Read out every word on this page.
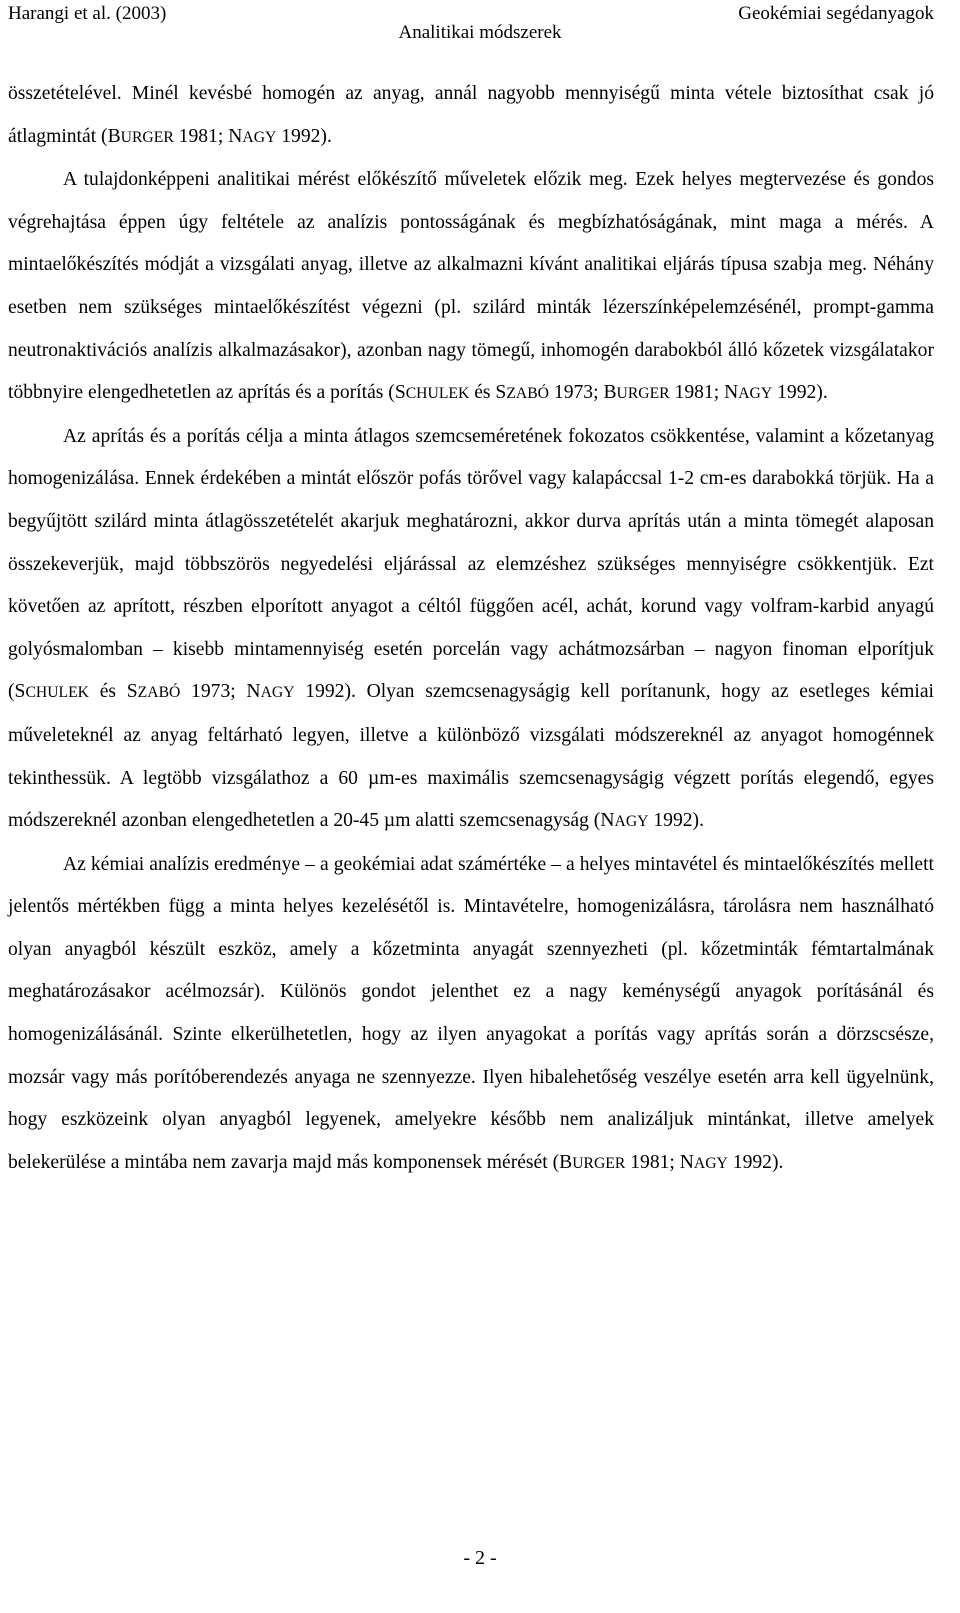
Harangi et al. (2003)	Geokémiai segédanyagok
Analitikai módszerek

összetételével. Minél kevésbé homogén az anyag, annál nagyobb mennyiségű minta vétele biztosíthat csak jó átlagmintát (BURGER 1981; NAGY 1992).

A tulajdonképpeni analitikai mérést előkészítő műveletek előzik meg. Ezek helyes megtervezése és gondos végrehajtása éppen úgy feltétele az analízis pontosságának és megbízhatóságának, mint maga a mérés. A mintaelőkészítés módját a vizsgálati anyag, illetve az alkalmazni kívánt analitikai eljárás típusa szabja meg. Néhány esetben nem szükséges mintaelőkészítést végezni (pl. szilárd minták lézerszínképelemzésénél, prompt-gamma neutronaktivációs analízis alkalmazásakor), azonban nagy tömegű, inhomogén darabokból álló kőzetek vizsgálatakor többnyire elengedhetetlen az aprítás és a porítás (SCHULEK és SZABÓ 1973; BURGER 1981; NAGY 1992).

Az aprítás és a porítás célja a minta átlagos szemcseméretének fokozatos csökkentése, valamint a kőzetanyag homogenizálása. Ennek érdekében a mintát először pofás törővel vagy kalapáccsal 1-2 cm-es darabokká törjük. Ha a begyűjtött szilárd minta átlagösszetételét akarjuk meghatározni, akkor durva aprítás után a minta tömegét alaposan összekeverjük, majd többszörös negyedelési eljárással az elemzéshez szükséges mennyiségre csökkentjük. Ezt követően az aprított, részben elporított anyagot a céltól függően acél, achát, korund vagy volfram-karbid anyagú golyósmalomban – kisebb mintamennyiség esetén porcelán vagy achátmozsárban – nagyon finoman elporítjuk (SCHULEK és SZABÓ 1973; NAGY 1992). Olyan szemcsenagyságig kell porítanunk, hogy az esetleges kémiai műveleteknél az anyag feltárható legyen, illetve a különböző vizsgálati módszereknél az anyagot homogénnek tekinthessük. A legtöbb vizsgálathoz a 60 µm-es maximális szemcsenagyságig végzett porítás elegendő, egyes módszereknél azonban elengedhetetlen a 20-45 µm alatti szemcsenagyság (NAGY 1992).

Az kémiai analízis eredménye – a geokémiai adat számértéke – a helyes mintavétel és mintaelőkészítés mellett jelentős mértékben függ a minta helyes kezelésétől is. Mintavételre, homogenizálásra, tárolásra nem használható olyan anyagból készült eszköz, amely a kőzetminta anyagát szennyezheti (pl. kőzetminták fémtartalmának meghatározásakor acélmozsár). Különös gondot jelenthet ez a nagy keménységű anyagok porításánál és homogenizálásánál. Szinte elkerülhetetlen, hogy az ilyen anyagokat a porítás vagy aprítás során a dörzscsésze, mozsár vagy más porítóberendezés anyaga ne szennyezze. Ilyen hibalehetőség veszélye esetén arra kell ügyelnünk, hogy eszközeink olyan anyagból legyenek, amelyekre később nem analizáljuk mintánkat, illetve amelyek belekerülése a mintába nem zavarja majd más komponensek mérését (BURGER 1981; NAGY 1992).

- 2 -
